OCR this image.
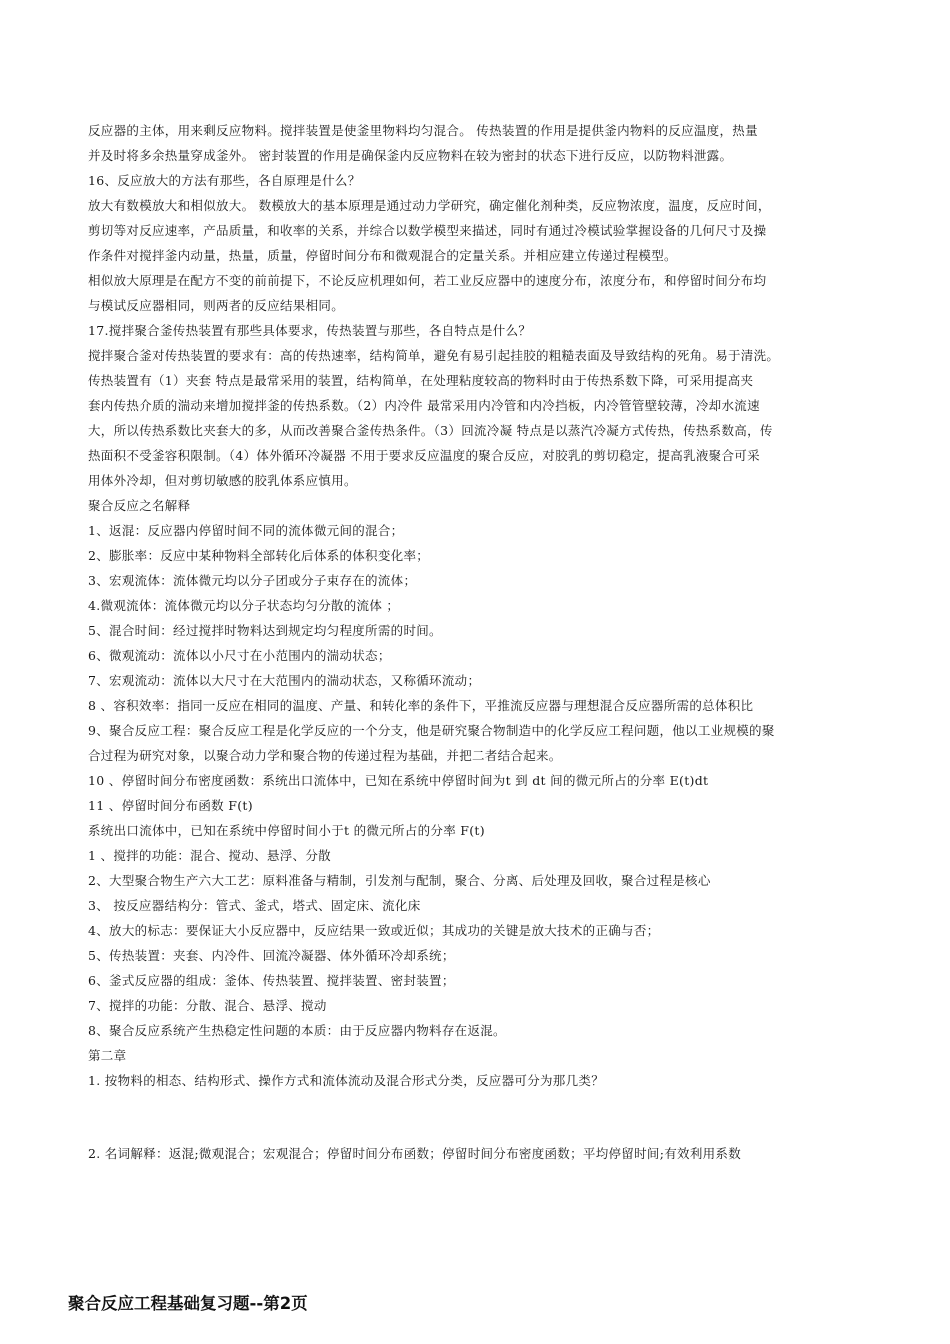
反应器的主体，用来剩反应物料。搅拌装置是使釜里物料均匀混合。 传热装置的作用是提供釜内物料的反应温度，热量
并及时将多余热量穿成釜外。 密封装置的作用是确保釜内反应物料在较为密封的状态下进行反应，以防物料泄露。
16、反应放大的方法有那些，各自原理是什么？
放大有数模放大和相似放大。 数模放大的基本原理是通过动力学研究，确定催化剂种类，反应物浓度，温度，反应时间，
剪切等对反应速率，产品质量，和收率的关系，并综合以数学模型来描述，同时有通过冷模试验掌握设备的几何尺寸及操
作条件对搅拌釜内动量，热量，质量，停留时间分布和微观混合的定量关系。并相应建立传递过程模型。
相似放大原理是在配方不变的前前提下，不论反应机理如何，若工业反应器中的速度分布，浓度分布，和停留时间分布均
与模试反应器相同，则两者的反应结果相同。
17.搅拌聚合釜传热装置有那些具体要求，传热装置与那些，各自特点是什么？
搅拌聚合釜对传热装置的要求有：高的传热速率，结构简单，避免有易引起挂胶的粗糙表面及导致结构的死角。易于清洗。
传热装置有（1）夹套 特点是最常采用的装置，结构简单，在处理粘度较高的物料时由于传热系数下降，可采用提高夹
套内传热介质的湍动来增加搅拌釜的传热系数。（2）内冷件 最常采用内冷管和内冷挡板，内冷管管壁较薄，冷却水流速
大，所以传热系数比夹套大的多，从而改善聚合釜传热条件。（3）回流冷凝 特点是以蒸汽冷凝方式传热，传热系数高，传
热面积不受釜容积限制。（4）体外循环冷凝器 不用于要求反应温度的聚合反应，对胶乳的剪切稳定，提高乳液聚合可采
用体外冷却，但对剪切敏感的胶乳体系应慎用。
聚合反应之名解释
1、返混：反应器内停留时间不同的流体微元间的混合；
2、膨胀率：反应中某种物料全部转化后体系的体积变化率；
3、宏观流体：流体微元均以分子团或分子束存在的流体；
4.微观流体：流体微元均以分子状态均匀分散的流体 ；
5、混合时间：经过搅拌时物料达到规定均匀程度所需的时间。
6、微观流动：流体以小尺寸在小范围内的湍动状态；
7、宏观流动：流体以大尺寸在大范围内的湍动状态，又称循环流动；
8 、容积效率：指同一反应在相同的温度、产量、和转化率的条件下，平推流反应器与理想混合反应器所需的总体积比
9、聚合反应工程：聚合反应工程是化学反应的一个分支，他是研究聚合物制造中的化学反应工程问题，他以工业规模的聚
合过程为研究对象，以聚合动力学和聚合物的传递过程为基础，并把二者结合起来。
10 、停留时间分布密度函数：系统出口流体中，已知在系统中停留时间为t 到 dt 间的微元所占的分率 E(t)dt
11 、停留时间分布函数 F(t)
系统出口流体中，已知在系统中停留时间小于t 的微元所占的分率 F(t)
1 、搅拌的功能：混合、搅动、悬浮、分散
2、大型聚合物生产六大工艺：原料准备与精制，引发剂与配制，聚合、分离、后处理及回收，聚合过程是核心
3、 按反应器结构分：管式、釜式，塔式、固定床、流化床
4、放大的标志：要保证大小反应器中，反应结果一致或近似；其成功的关键是放大技术的正确与否；
5、传热装置：夹套、内冷件、回流冷凝器、体外循环冷却系统；
6、釜式反应器的组成：釜体、传热装置、搅拌装置、密封装置；
7、搅拌的功能：分散、混合、悬浮、搅动
8、聚合反应系统产生热稳定性问题的本质：由于反应器内物料存在返混。
第二章
1. 按物料的相态、结构形式、操作方式和流体流动及混合形式分类，反应器可分为那几类？
2. 名词解释：返混;微观混合；宏观混合；停留时间分布函数；停留时间分布密度函数；平均停留时间;有效利用系数
聚合反应工程基础复习题--第2页
